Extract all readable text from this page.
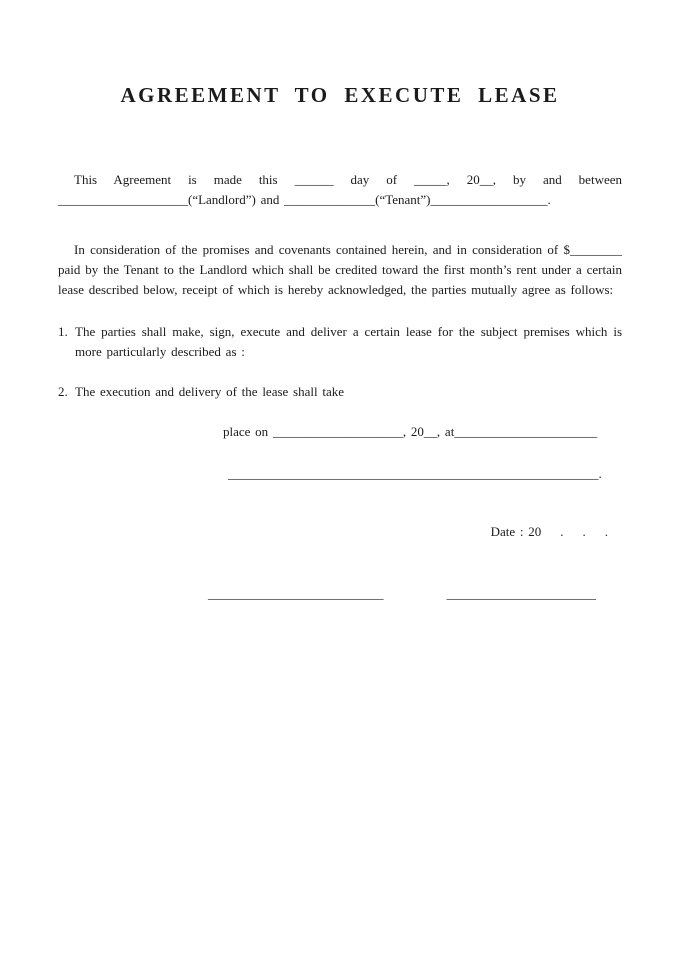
AGREEMENT TO EXECUTE LEASE

This Agreement is made this ______ day of _____, 20__, by and between ____________________(“Landlord”) and ______________(“Tenant”)__________________.

In consideration of the promises and covenants contained herein, and in consideration of $________ paid by the Tenant to the Landlord which shall be credited toward the first month’s rent under a certain lease described below, receipt of which is hereby acknowledged, the parties mutually agree as follows:

1. The parties shall make, sign, execute and deliver a certain lease for the subject premises which is more particularly described as :
2. The execution and delivery of the lease shall take
place on ____________________, 20__, at______________________
_________________________________________________________.
Date : 20    .    .    .
___________________________	_______________________
